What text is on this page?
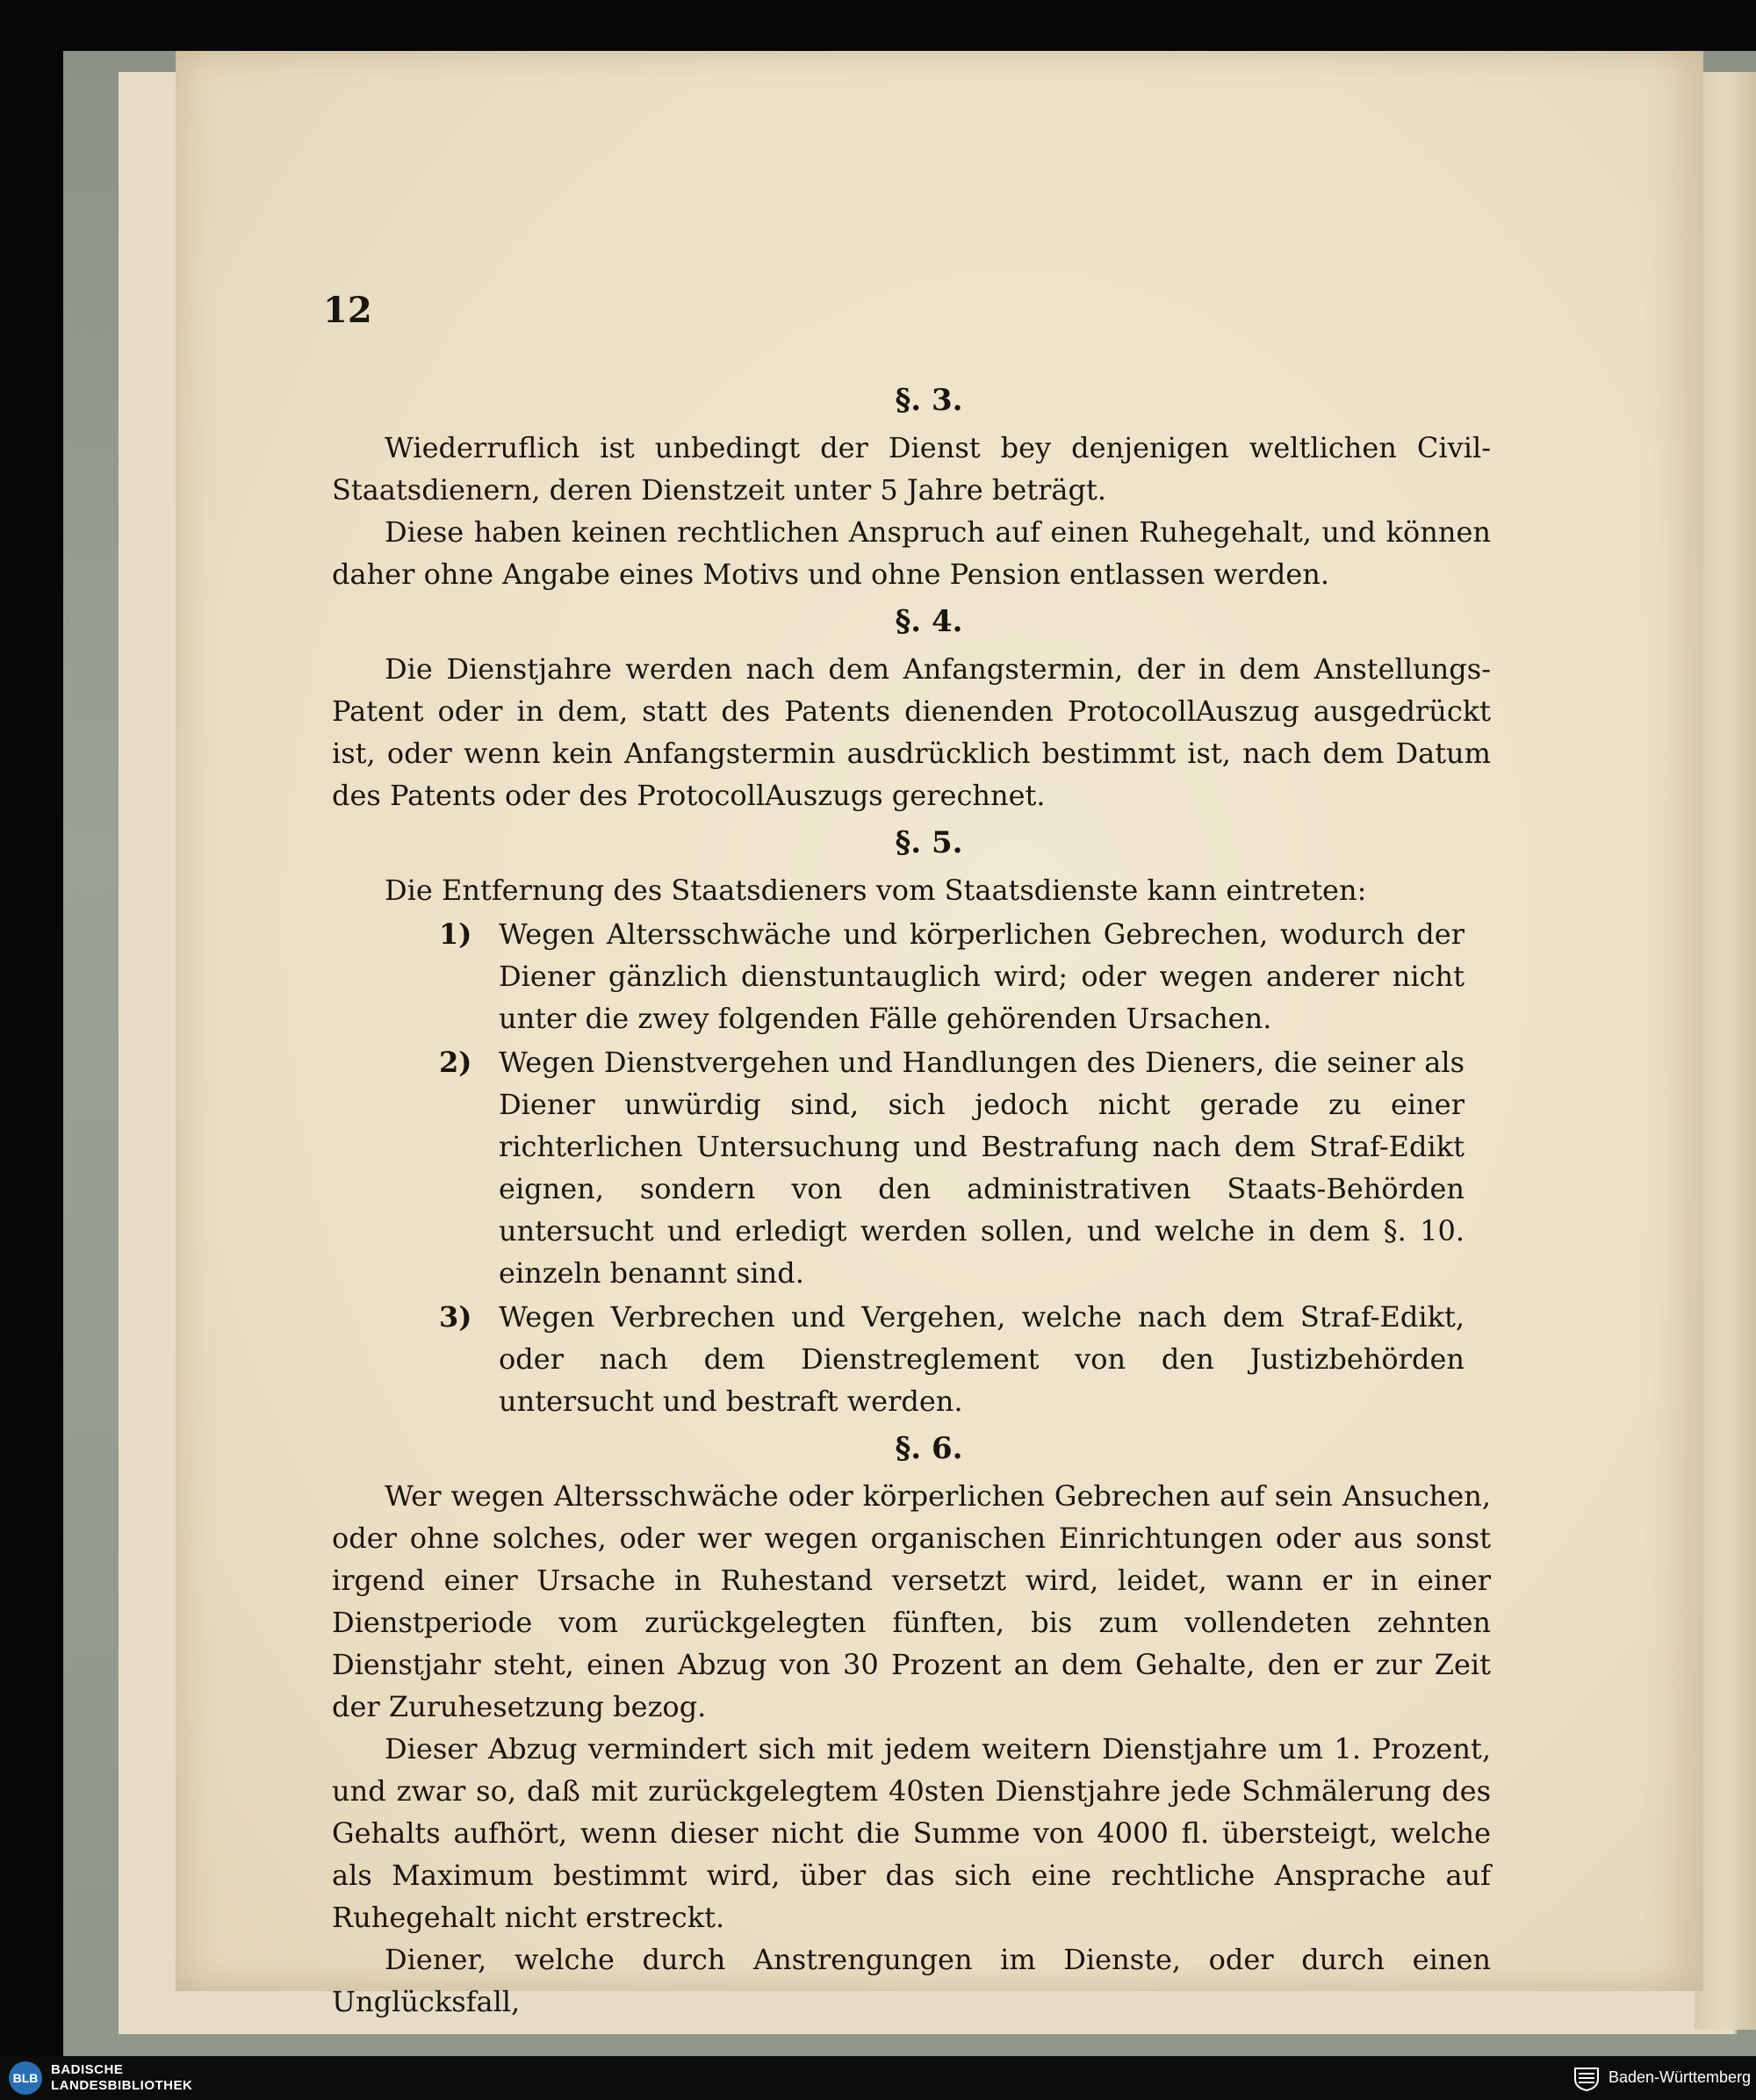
12
§. 3.

Wiederruflich ist unbedingt der Dienst bey denjenigen weltlichen Civil-Staatsdienern, deren Dienstzeit unter 5 Jahre beträgt.

Diese haben keinen rechtlichen Anspruch auf einen Ruhegehalt, und können daher ohne Angabe eines Motivs und ohne Pension entlassen werden.

§. 4.

Die Dienstjahre werden nach dem Anfangstermin, der in dem Anstellungs-Patent oder in dem, statt des Patents dienenden ProtocollAuszug ausgedrückt ist, oder wenn kein Anfangstermin ausdrücklich bestimmt ist, nach dem Datum des Patents oder des ProtocollAuszugs gerechnet.

§. 5.

Die Entfernung des Staatsdieners vom Staatsdienste kann eintreten:

1) Wegen Altersschwäche und körperlichen Gebrechen, wodurch der Diener gänzlich dienstuntauglich wird; oder wegen anderer nicht unter die zwey folgenden Fälle gehörenden Ursachen.
2) Wegen Dienstvergehen und Handlungen des Dieners, die seiner als Diener unwürdig sind, sich jedoch nicht gerade zu einer richterlichen Untersuchung und Bestrafung nach dem Straf-Edikt eignen, sondern von den administrativen Staats-Behörden untersucht und erledigt werden sollen, und welche in dem §. 10. einzeln benannt sind.
3) Wegen Verbrechen und Vergehen, welche nach dem Straf-Edikt, oder nach dem Dienstreglement von den Justizbehörden untersucht und bestraft werden.
§. 6.

Wer wegen Altersschwäche oder körperlichen Gebrechen auf sein Ansuchen, oder ohne solches, oder wer wegen organischen Einrichtungen oder aus sonst irgend einer Ursache in Ruhestand versetzt wird, leidet, wann er in einer Dienstperiode vom zurückgelegten fünften, bis zum vollendeten zehnten Dienstjahr steht, einen Abzug von 30 Prozent an dem Gehalte, den er zur Zeit der Zuruhesetzung bezog.

Dieser Abzug vermindert sich mit jedem weitern Dienstjahre um 1. Prozent, und zwar so, daß mit zurückgelegtem 40sten Dienstjahre jede Schmälerung des Gehalts aufhört, wenn dieser nicht die Summe von 4000 fl. übersteigt, welche als Maximum bestimmt wird, über das sich eine rechtliche Ansprache auf Ruhegehalt nicht erstreckt.

Diener, welche durch Anstrengungen im Dienste, oder durch einen Unglücksfall,

BLB
BADISCHE
LANDESBIBLIOTHEK	Baden-Württemberg
